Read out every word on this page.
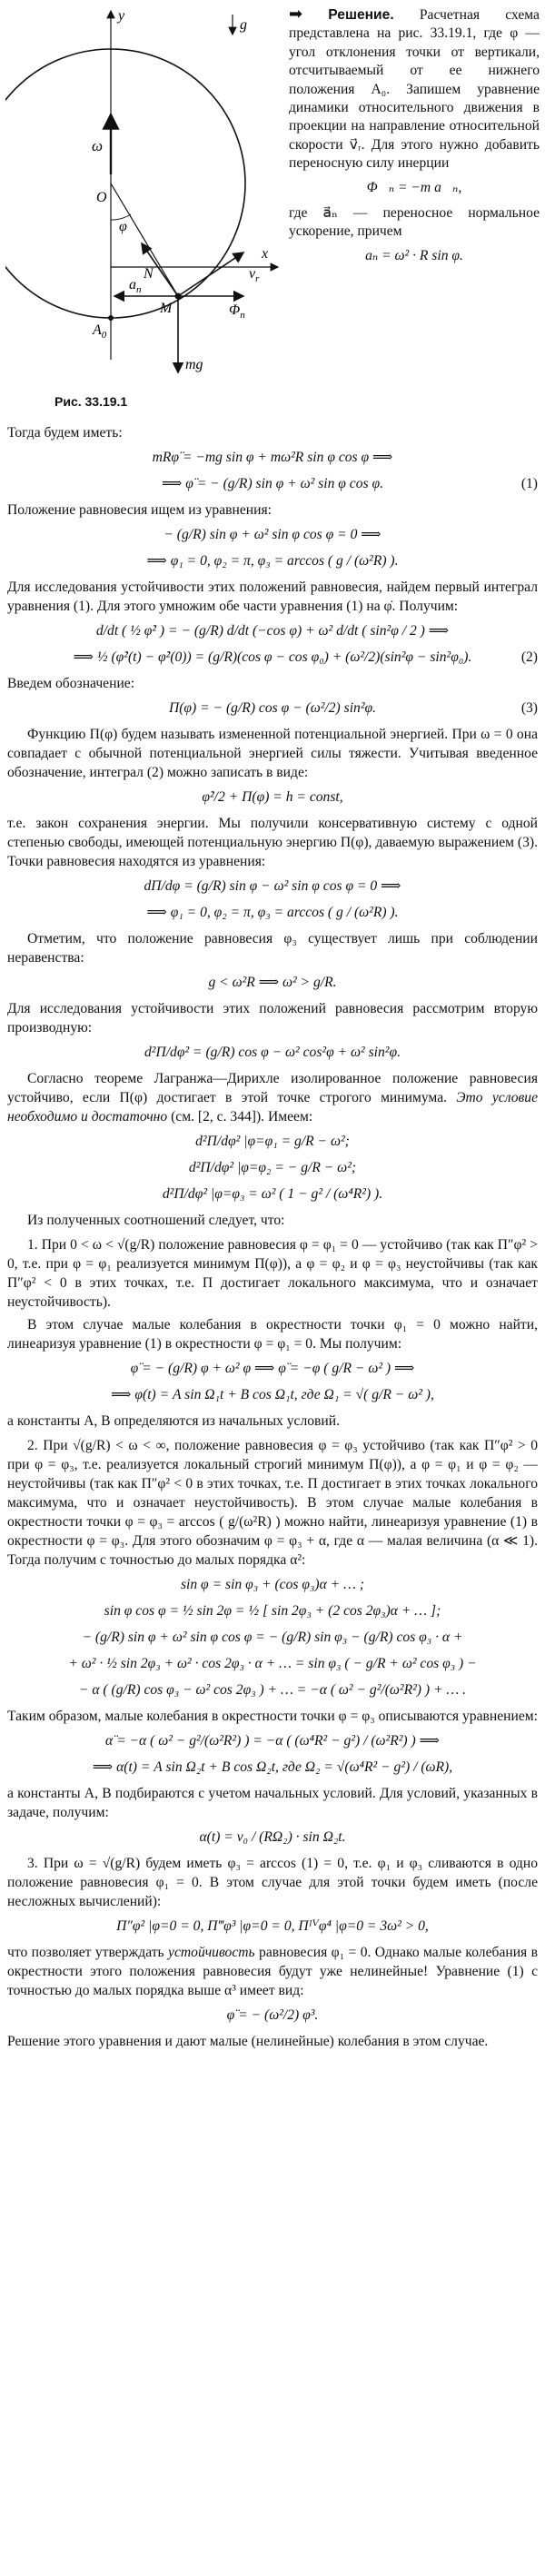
y
x
O
ω
g
φ
M
N	$v_r$
$a_n$
$\Phi_n$
mg
$A_0$
Рис. 33.19.1
➡ Решение. Расчетная схема представлена на рис. 33.19.1, где φ — угол отклонения точки от вертикали, отсчитываемый от ее нижнего положения A₀. Запишем уравнение динамики относительного движения в проекции на направление относительной скорости v⃗ᵣ. Для этого нужно добавить переносную силу инерции
Φ⃗ₙ = −m a⃗ₙ,
где a⃗ₙ — переносное нормальное ускорение, причем
aₙ = ω² · R sin φ.

Тогда будем иметь:

mRφ̈ = −mg sin φ + mω²R sin φ cos φ ⟹
⟹ φ̈ = − (g/R) sin φ + ω² sin φ cos φ.	(1)

Положение равновесия ищем из уравнения:

− (g/R) sin φ + ω² sin φ cos φ = 0 ⟹
⟹ φ₁ = 0, φ₂ = π, φ₃ = arccos ( g / (ω²R) ).

Для исследования устойчивости этих положений равновесия, найдем первый интеграл уравнения (1). Для этого умножим обе части уравнения (1) на φ̇. Получим:

d/dt ( ½ φ̇² ) = − (g/R) d/dt (−cos φ) + ω² d/dt ( sin²φ / 2 ) ⟹
⟹ ½ (φ̇²(t) − φ̇²(0)) = (g/R)(cos φ − cos φ₀) + (ω²/2)(sin²φ − sin²φ₀).	(2)

Введем обозначение:

Π(φ) = − (g/R) cos φ − (ω²/2) sin²φ.	(3)

Функцию Π(φ) будем называть измененной потенциальной энергией. При ω = 0 она совпадает с обычной потенциальной энергией силы тяжести. Учитывая введенное обозначение, интеграл (2) можно записать в виде:

φ̇²/2 + Π(φ) = h = const,

т.е. закон сохранения энергии. Мы получили консервативную систему с одной степенью свободы, имеющей потенциальную энергию Π(φ), даваемую выражением (3). Точки равновесия находятся из уравнения:

dΠ/dφ = (g/R) sin φ − ω² sin φ cos φ = 0 ⟹
⟹ φ₁ = 0, φ₂ = π, φ₃ = arccos ( g / (ω²R) ).

Отметим, что положение равновесия φ₃ существует лишь при соблюдении неравенства:

g < ω²R ⟹ ω² > g/R.

Для исследования устойчивости этих положений равновесия рассмотрим вторую производную:

d²Π/dφ² = (g/R) cos φ − ω² cos²φ + ω² sin²φ.

Согласно теореме Лагранжа—Дирихле изолированное положение равновесия устойчиво, если Π(φ) достигает в этой точке строгого минимума. Это условие необходимо и достаточно (см. [2, с. 344]). Имеем:

d²Π/dφ² |φ=φ₁ = g/R − ω²;
d²Π/dφ² |φ=φ₂ = − g/R − ω²;
d²Π/dφ² |φ=φ₃ = ω² ( 1 − g² / (ω⁴R²) ).

Из полученных соотношений следует, что:

1. При 0 < ω < √(g/R) положение равновесия φ = φ₁ = 0 — устойчиво (так как Π″φ² > 0, т.е. при φ = φ₁ реализуется минимум Π(φ)), а φ = φ₂ и φ = φ₃ неустойчивы (так как Π″φ² < 0 в этих точках, т.е. Π достигает локального максимума, что и означает неустойчивость).

В этом случае малые колебания в окрестности точки φ₁ = 0 можно найти, линеаризуя уравнение (1) в окрестности φ = φ₁ = 0. Мы получим:

φ̈ = − (g/R) φ + ω² φ ⟹ φ̈ = −φ ( g/R − ω² ) ⟹
⟹ φ(t) = A sin Ω₁t + B cos Ω₁t, где Ω₁ = √( g/R − ω² ),

а константы A, B определяются из начальных условий.

2. При √(g/R) < ω < ∞, положение равновесия φ = φ₃ устойчиво (так как Π″φ² > 0 при φ = φ₃, т.е. реализуется локальный строгий минимум Π(φ)), а φ = φ₁ и φ = φ₂ — неустойчивы (так как Π″φ² < 0 в этих точках, т.е. Π достигает в этих точках локального максимума, что и означает неустойчивость). В этом случае малые колебания в окрестности точки φ = φ₃ = arccos ( g/(ω²R) ) можно найти, линеаризуя уравнение (1) в окрестности φ = φ₃. Для этого обозначим φ = φ₃ + α, где α — малая величина (α ≪ 1). Тогда получим с точностью до малых порядка α²:

sin φ = sin φ₃ + (cos φ₃)α + … ;
sin φ cos φ = ½ sin 2φ = ½ [ sin 2φ₃ + (2 cos 2φ₃)α + … ];
− (g/R) sin φ + ω² sin φ cos φ = − (g/R) sin φ₃ − (g/R) cos φ₃ · α +
+ ω² · ½ sin 2φ₃ + ω² · cos 2φ₃ · α + … = sin φ₃ ( − g/R + ω² cos φ₃ ) −
− α ( (g/R) cos φ₃ − ω² cos 2φ₃ ) + … = −α ( ω² − g²/(ω²R²) ) + … .

Таким образом, малые колебания в окрестности точки φ = φ₃ описываются уравнением:

α̈ = −α ( ω² − g²/(ω²R²) ) = −α ( (ω⁴R² − g²) / (ω²R²) ) ⟹
⟹ α(t) = A sin Ω₂t + B cos Ω₂t, где Ω₂ = √(ω⁴R² − g²) / (ωR),

а константы A, B подбираются с учетом начальных условий. Для условий, указанных в задаче, получим:

α(t) = v₀ / (RΩ₂) · sin Ω₂t.

3. При ω = √(g/R) будем иметь φ₃ = arccos (1) = 0, т.е. φ₁ и φ₃ сливаются в одно положение равновесия φ₁ = 0. В этом случае для этой точки будем иметь (после несложных вычислений):

Π″φ² |φ=0 = 0, Π‴φ³ |φ=0 = 0, Πᴵⱽφ⁴ |φ=0 = 3ω² > 0,

что позволяет утверждать устойчивость равновесия φ₁ = 0. Однако малые колебания в окрестности этого положения равновесия будут уже нелинейные! Уравнение (1) с точностью до малых порядка выше α³ имеет вид:

φ̈ = − (ω²/2) φ³.

Решение этого уравнения и дают малые (нелинейные) колебания в этом случае.
